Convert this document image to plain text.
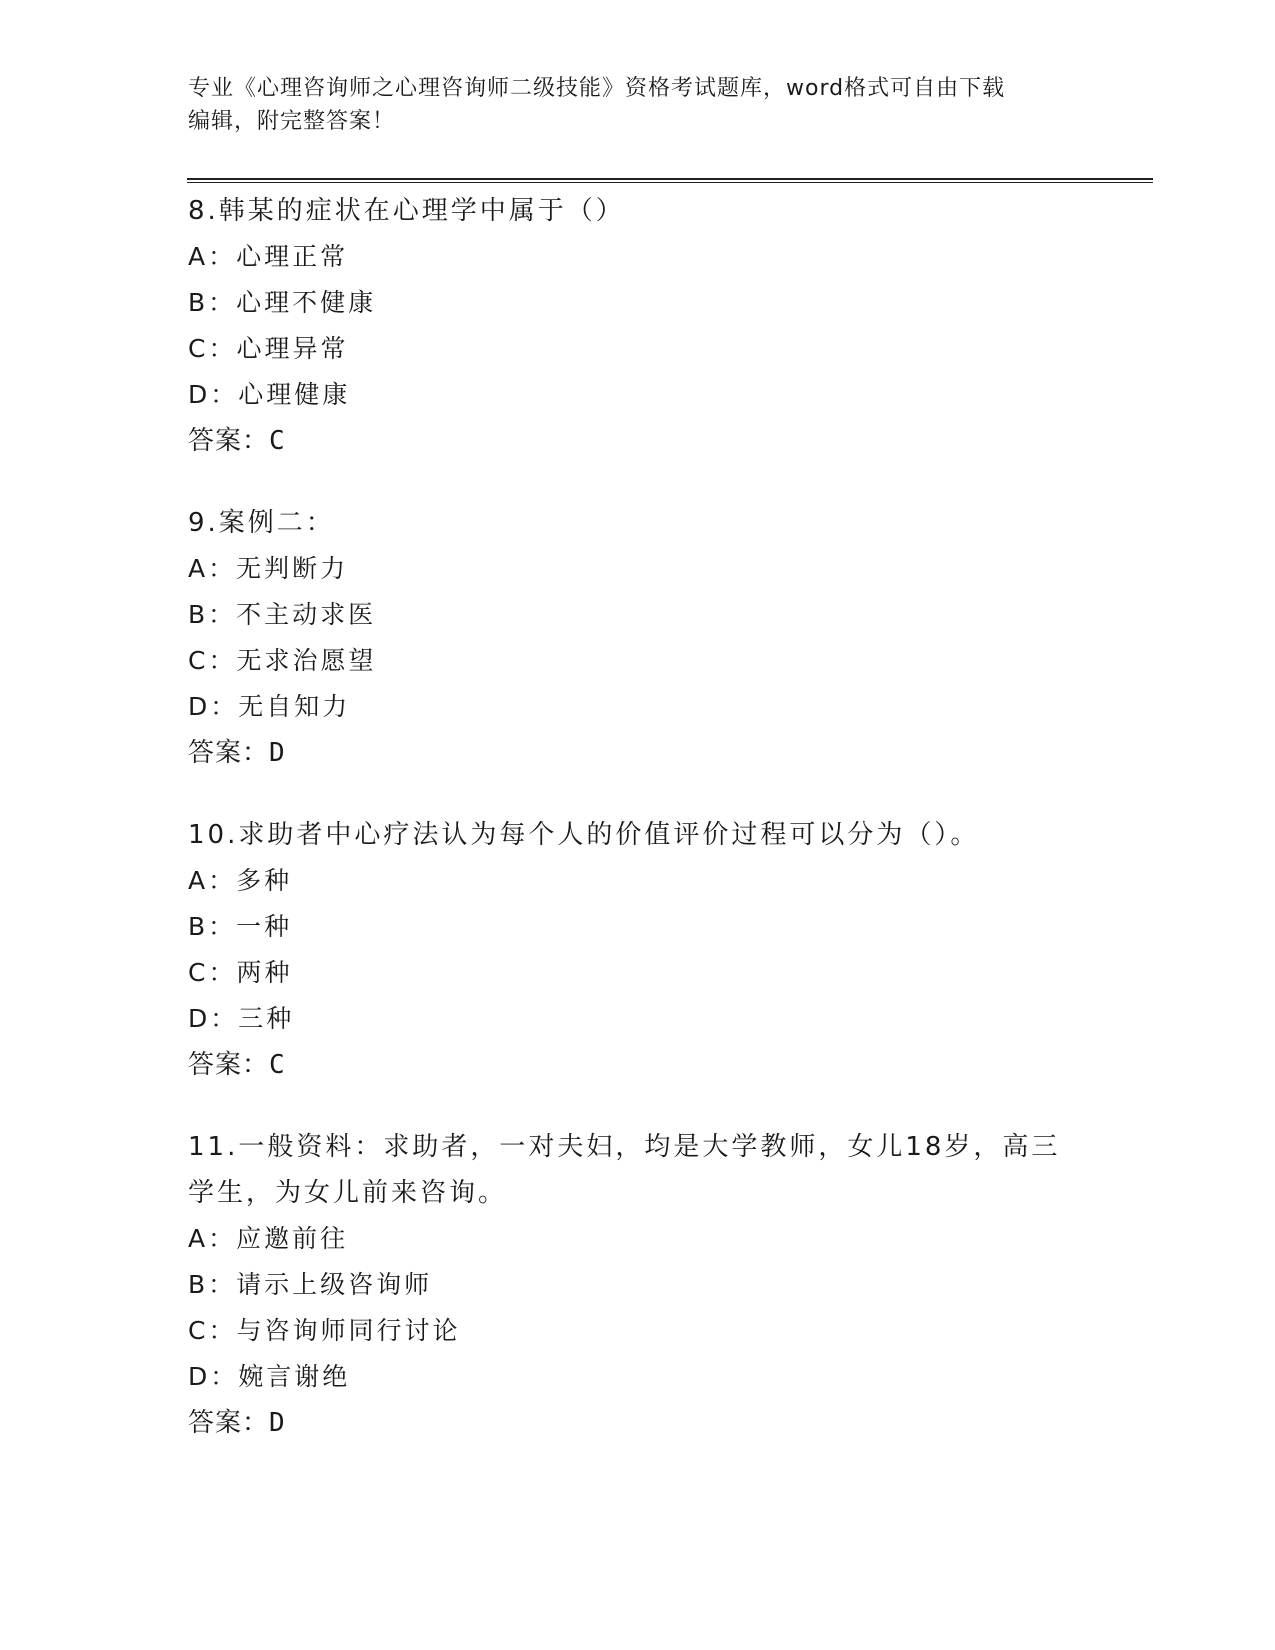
专业《心理咨询师之心理咨询师二级技能》资格考试题库，word格式可自由下载
编辑，附完整答案！

8.韩某的症状在心理学中属于（）

A：心理正常

B：心理不健康

C：心理异常

D：心理健康

答案：C

9.案例二：

A：无判断力

B：不主动求医

C：无求治愿望

D：无自知力

答案：D

10.求助者中心疗法认为每个人的价值评价过程可以分为（）。

A：多种

B：一种

C：两种

D：三种

答案：C

11.一般资料：求助者，一对夫妇，均是大学教师，女儿18岁，高三学生，为女儿前来咨询。

A：应邀前往

B：请示上级咨询师

C：与咨询师同行讨论

D：婉言谢绝

答案：D
